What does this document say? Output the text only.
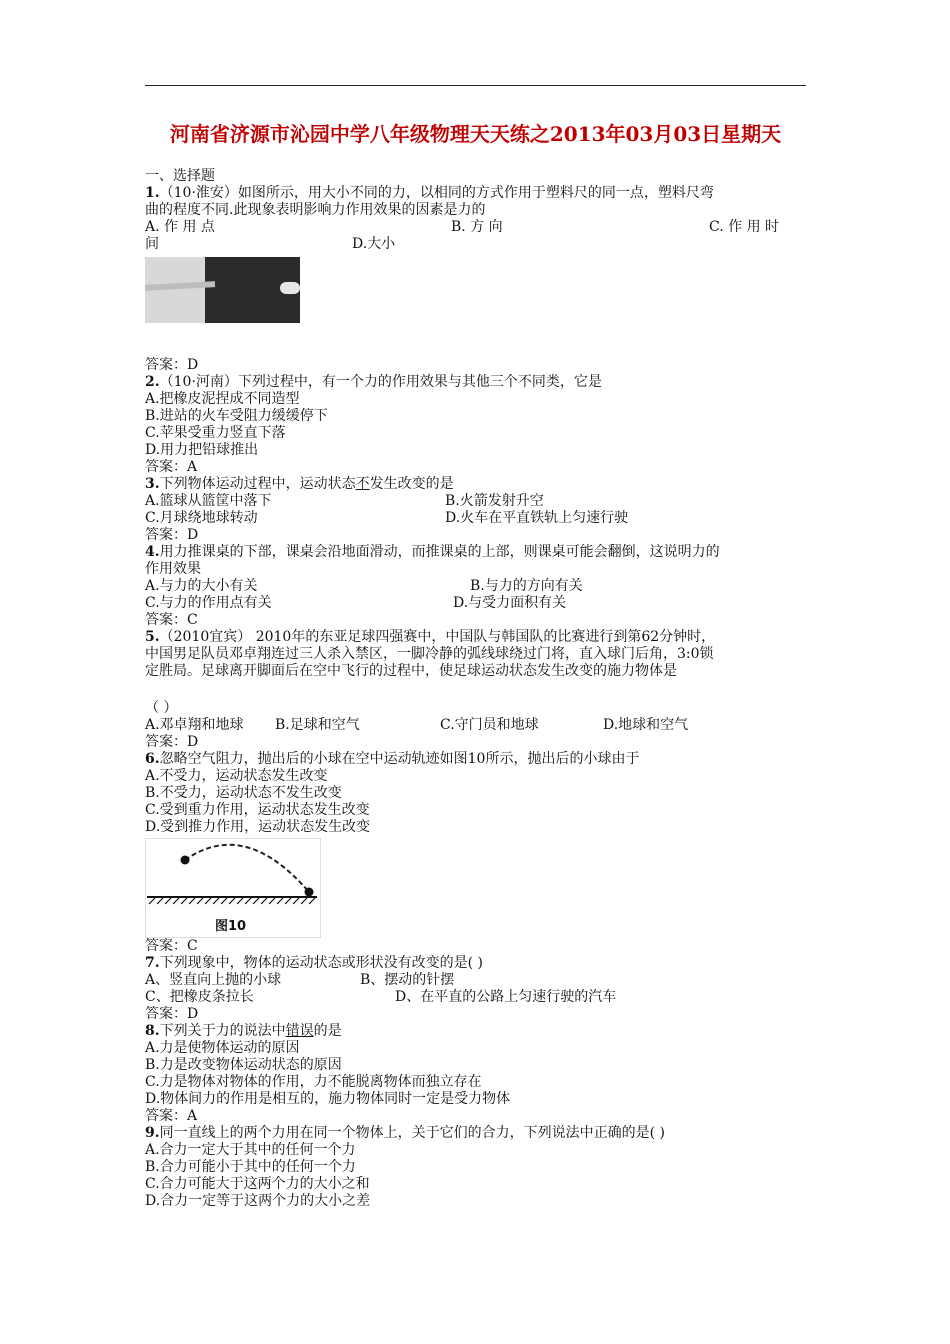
河南省济源市沁园中学八年级物理天天练之2013年03月03日星期天
一、选择题
1.（10·淮安）如图所示，用大小不同的力，以相同的方式作用于塑料尺的同一点，塑料尺弯
曲的程度不同.此现象表明影响力作用效果的因素是力的
A. 作 用 点	B. 方 向	C. 作 用 时
间	D.大小
答案：D
2.（10·河南）下列过程中，有一个力的作用效果与其他三个不同类，它是
A.把橡皮泥捏成不同造型
B.进站的火车受阻力缓缓停下
C.苹果受重力竖直下落
D.用力把铅球推出
答案：A
3.下列物体运动过程中，运动状态不发生改变的是
A.篮球从篮筐中落下	B.火箭发射升空
C.月球绕地球转动	D.火车在平直铁轨上匀速行驶
答案：D
4.用力推课桌的下部，课桌会沿地面滑动，而推课桌的上部，则课桌可能会翻倒，这说明力的
作用效果
A.与力的大小有关	B.与力的方向有关
C.与力的作用点有关	D.与受力面积有关
答案：C
5.（2010宜宾） 2010年的东亚足球四强赛中，中国队与韩国队的比赛进行到第62分钟时，
中国男足队员邓卓翔连过三人杀入禁区，一脚冷静的弧线球绕过门将，直入球门后角，3:0锁
定胜局。足球离开脚面后在空中飞行的过程中，使足球运动状态发生改变的施力物体是
（ ）
A.邓卓翔和地球	B.足球和空气	C.守门员和地球	D.地球和空气
答案：D
6.忽略空气阻力，抛出后的小球在空中运动轨迹如图10所示，抛出后的小球由于
A.不受力，运动状态发生改变
B.不受力，运动状态不发生改变
C.受到重力作用，运动状态发生改变
D.受到推力作用，运动状态发生改变
图10
答案：C
7.下列现象中，物体的运动状态或形状没有改变的是( )
A、竖直向上抛的小球	B、摆动的针摆
C、把橡皮条拉长	D、在平直的公路上匀速行驶的汽车
答案：D
8.下列关于力的说法中错误的是
A.力是使物体运动的原因
B.力是改变物体运动状态的原因
C.力是物体对物体的作用，力不能脱离物体而独立存在
D.物体间力的作用是相互的，施力物体同时一定是受力物体
答案：A
9.同一直线上的两个力用在同一个物体上，关于它们的合力，下列说法中正确的是( )
A.合力一定大于其中的任何一个力
B.合力可能小于其中的任何一个力
C.合力可能大于这两个力的大小之和
D.合力一定等于这两个力的大小之差
